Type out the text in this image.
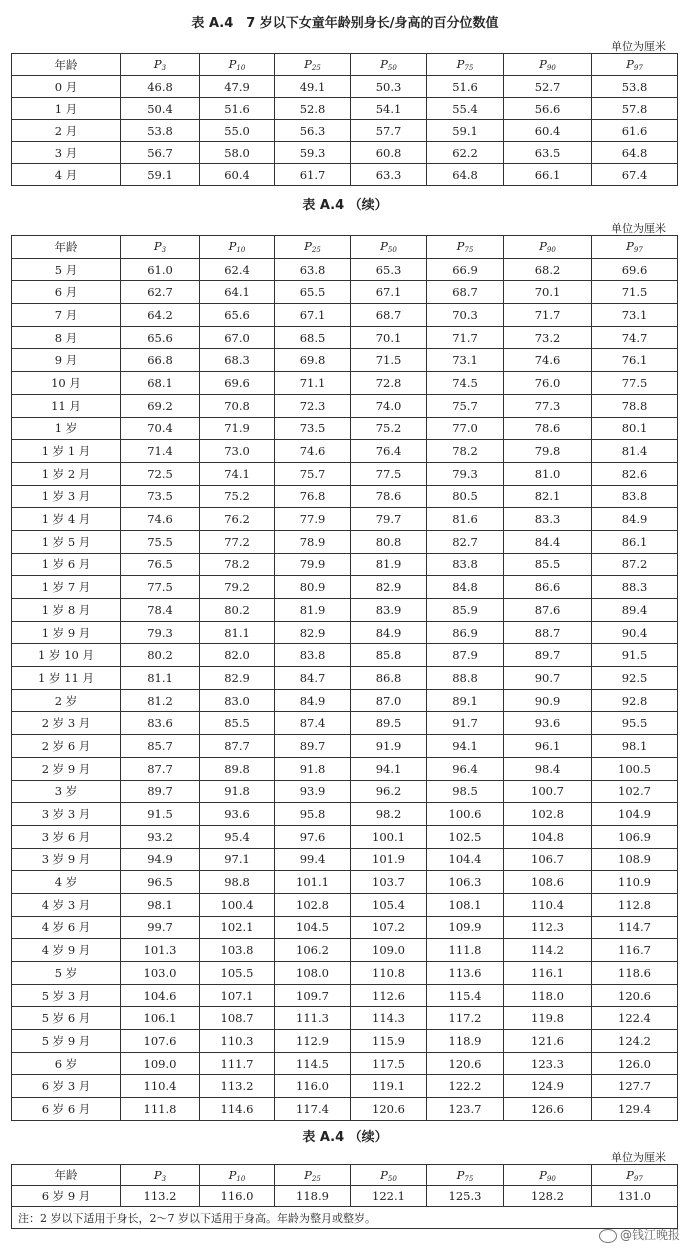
表 A.4　7 岁以下女童年龄别身长/身高的百分位数值
单位为厘米
年龄	$P_3$	$P_{10}$	$P_{25}$	$P_{50}$	$P_{75}$	$P_{90}$	$P_{97}$
0 月	46.8	47.9	49.1	50.3	51.6	52.7	53.8
1 月	50.4	51.6	52.8	54.1	55.4	56.6	57.8
2 月	53.8	55.0	56.3	57.7	59.1	60.4	61.6
3 月	56.7	58.0	59.3	60.8	62.2	63.5	64.8
4 月	59.1	60.4	61.7	63.3	64.8	66.1	67.4
表 A.4 （续）
单位为厘米
年龄	$P_3$	$P_{10}$	$P_{25}$	$P_{50}$	$P_{75}$	$P_{90}$	$P_{97}$
5 月	61.0	62.4	63.8	65.3	66.9	68.2	69.6
6 月	62.7	64.1	65.5	67.1	68.7	70.1	71.5
7 月	64.2	65.6	67.1	68.7	70.3	71.7	73.1
8 月	65.6	67.0	68.5	70.1	71.7	73.2	74.7
9 月	66.8	68.3	69.8	71.5	73.1	74.6	76.1
10 月	68.1	69.6	71.1	72.8	74.5	76.0	77.5
11 月	69.2	70.8	72.3	74.0	75.7	77.3	78.8
1 岁	70.4	71.9	73.5	75.2	77.0	78.6	80.1
1 岁 1 月	71.4	73.0	74.6	76.4	78.2	79.8	81.4
1 岁 2 月	72.5	74.1	75.7	77.5	79.3	81.0	82.6
1 岁 3 月	73.5	75.2	76.8	78.6	80.5	82.1	83.8
1 岁 4 月	74.6	76.2	77.9	79.7	81.6	83.3	84.9
1 岁 5 月	75.5	77.2	78.9	80.8	82.7	84.4	86.1
1 岁 6 月	76.5	78.2	79.9	81.9	83.8	85.5	87.2
1 岁 7 月	77.5	79.2	80.9	82.9	84.8	86.6	88.3
1 岁 8 月	78.4	80.2	81.9	83.9	85.9	87.6	89.4
1 岁 9 月	79.3	81.1	82.9	84.9	86.9	88.7	90.4
1 岁 10 月	80.2	82.0	83.8	85.8	87.9	89.7	91.5
1 岁 11 月	81.1	82.9	84.7	86.8	88.8	90.7	92.5
2 岁	81.2	83.0	84.9	87.0	89.1	90.9	92.8
2 岁 3 月	83.6	85.5	87.4	89.5	91.7	93.6	95.5
2 岁 6 月	85.7	87.7	89.7	91.9	94.1	96.1	98.1
2 岁 9 月	87.7	89.8	91.8	94.1	96.4	98.4	100.5
3 岁	89.7	91.8	93.9	96.2	98.5	100.7	102.7
3 岁 3 月	91.5	93.6	95.8	98.2	100.6	102.8	104.9
3 岁 6 月	93.2	95.4	97.6	100.1	102.5	104.8	106.9
3 岁 9 月	94.9	97.1	99.4	101.9	104.4	106.7	108.9
4 岁	96.5	98.8	101.1	103.7	106.3	108.6	110.9
4 岁 3 月	98.1	100.4	102.8	105.4	108.1	110.4	112.8
4 岁 6 月	99.7	102.1	104.5	107.2	109.9	112.3	114.7
4 岁 9 月	101.3	103.8	106.2	109.0	111.8	114.2	116.7
5 岁	103.0	105.5	108.0	110.8	113.6	116.1	118.6
5 岁 3 月	104.6	107.1	109.7	112.6	115.4	118.0	120.6
5 岁 6 月	106.1	108.7	111.3	114.3	117.2	119.8	122.4
5 岁 9 月	107.6	110.3	112.9	115.9	118.9	121.6	124.2
6 岁	109.0	111.7	114.5	117.5	120.6	123.3	126.0
6 岁 3 月	110.4	113.2	116.0	119.1	122.2	124.9	127.7
6 岁 6 月	111.8	114.6	117.4	120.6	123.7	126.6	129.4
表 A.4 （续）
单位为厘米
年龄	$P_3$	$P_{10}$	$P_{25}$	$P_{50}$	$P_{75}$	$P_{90}$	$P_{97}$
6 岁 9 月	113.2	116.0	118.9	122.1	125.3	128.2	131.0
注：2 岁以下适用于身长，2～7 岁以下适用于身高。年龄为整月或整岁。							
@钱江晚报
